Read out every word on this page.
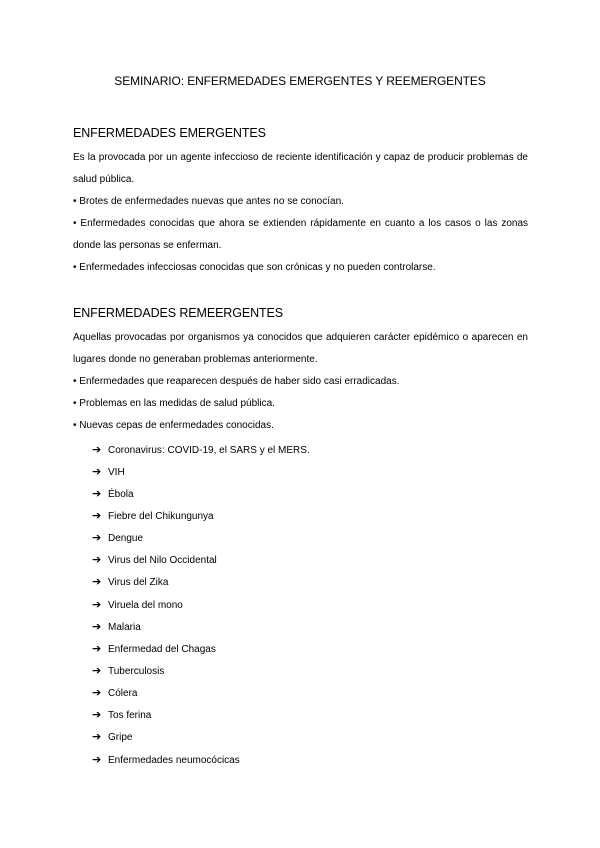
SEMINARIO: ENFERMEDADES EMERGENTES Y REEMERGENTES
ENFERMEDADES EMERGENTES

Es la provocada por un agente infeccioso de reciente identificación y capaz de producir problemas de salud pública.

• Brotes de enfermedades nuevas que antes no se conocían.

• Enfermedades conocidas que ahora se extienden rápidamente en cuanto a los casos o las zonas donde las personas se enferman.

• Enfermedades infecciosas conocidas que son crónicas y no pueden controlarse.

ENFERMEDADES REMEERGENTES

Aquellas provocadas por organismos ya conocidos que adquieren carácter epidémico o aparecen en lugares donde no generaban problemas anteriormente.

• Enfermedades que reaparecen después de haber sido casi erradicadas.

• Problemas en las medidas de salud pública.

• Nuevas cepas de enfermedades conocidas.

➔ Coronavirus: COVID-19, el SARS y el MERS.
➔ VIH
➔ Ébola
➔ Fiebre del Chikungunya
➔ Dengue
➔ Virus del Nilo Occidental
➔ Virus del Zika
➔ Viruela del mono
➔ Malaria
➔ Enfermedad del Chagas
➔ Tuberculosis
➔ Cólera
➔ Tos ferina
➔ Gripe
➔ Enfermedades neumocócicas
